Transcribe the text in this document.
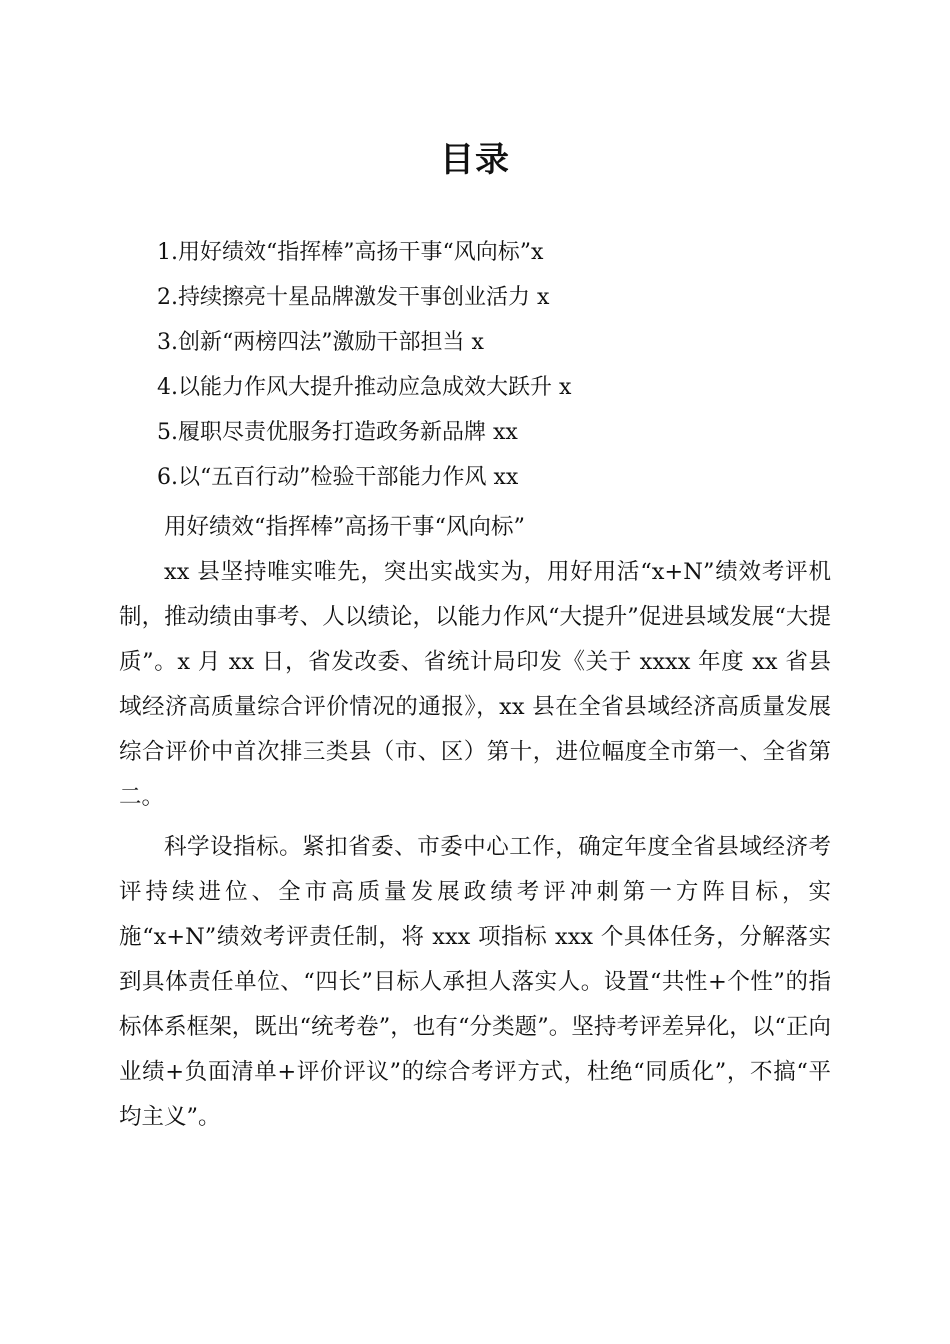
目录
1.用好绩效“指挥棒”高扬干事“风向标”x
2.持续擦亮十星品牌激发干事创业活力 x
3.创新“两榜四法”激励干部担当 x
4.以能力作风大提升推动应急成效大跃升 x
5.履职尽责优服务打造政务新品牌 xx
6.以“五百行动”检验干部能力作风 xx

用好绩效“指挥棒”高扬干事“风向标”

xx 县坚持唯实唯先，突出实战实为，用好用活“x+N”绩效考评机制，推动绩由事考、人以绩论，以能力作风“大提升”促进县域发展“大提质”。x 月 xx 日，省发改委、省统计局印发《关于 xxxx 年度 xx 省县域经济高质量综合评价情况的通报》，xx 县在全省县域经济高质量发展综合评价中首次排三类县（市、区）第十，进位幅度全市第一、全省第二。

科学设指标。紧扣省委、市委中心工作，确定年度全省县域经济考评持续进位、全市高质量发展政绩考评冲刺第一方阵目标，实施“x+N”绩效考评责任制，将 xxx 项指标 xxx 个具体任务，分解落实到具体责任单位、“四长”目标人承担人落实人。设置“共性+个性”的指标体系框架，既出“统考卷”，也有“分类题”。坚持考评差异化，以“正向业绩+负面清单+评价评议”的综合考评方式，杜绝“同质化”，不搞“平均主义”。
